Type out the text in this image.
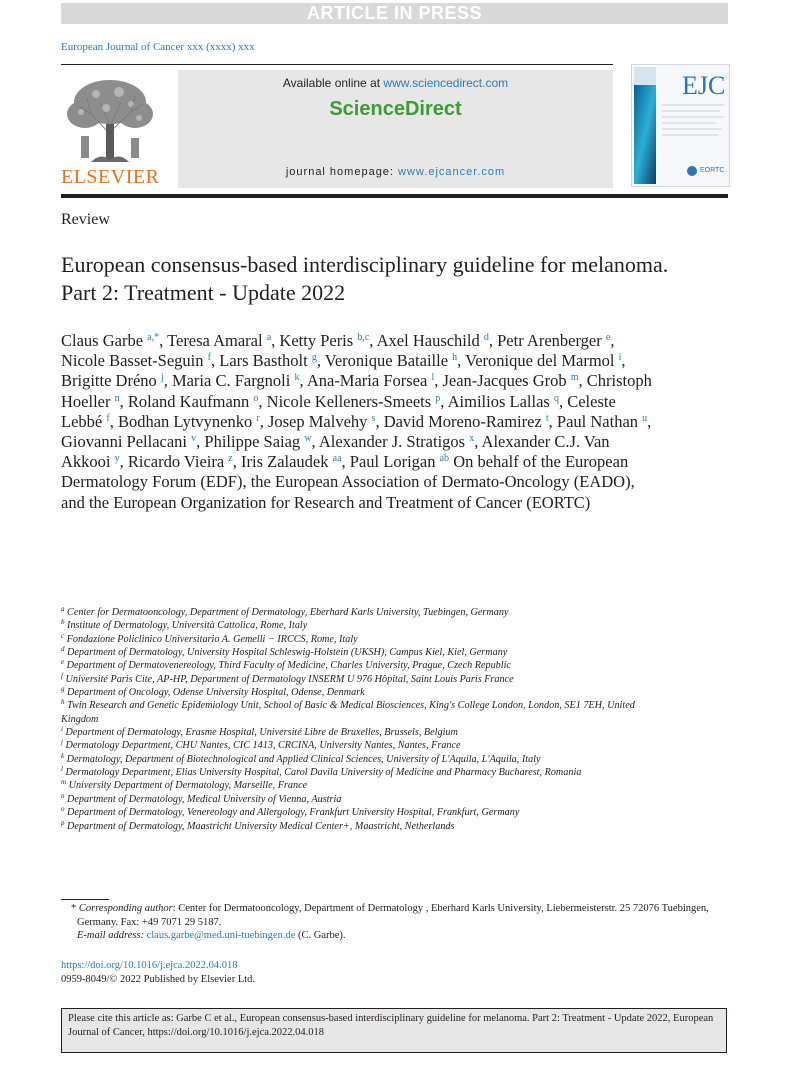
ARTICLE IN PRESS
European Journal of Cancer xxx (xxxx) xxx
ELSEVIER
Available online at www.sciencedirect.com
ScienceDirect
journal homepage: www.ejcancer.com
EJC
EORTC
Review
European consensus-based interdisciplinary guideline for melanoma. Part 2: Treatment - Update 2022
Claus Garbe $^{a,*}$, Teresa Amaral $^a$, Ketty Peris $^{b,c}$, Axel Hauschild $^d$, Petr Arenberger $^e$, Nicole Basset-Seguin $^f$, Lars Bastholt $^g$, Veronique Bataille $^h$, Veronique del Marmol $^i$, Brigitte Dréno $^j$, Maria C. Fargnoli $^k$, Ana-Maria Forsea $^l$, Jean-Jacques Grob $^m$, Christoph Hoeller $^n$, Roland Kaufmann $^o$, Nicole Kelleners-Smeets $^p$, Aimilios Lallas $^q$, Celeste Lebbé $^f$, Bodhan Lytvynenko $^r$, Josep Malvehy $^s$, David Moreno-Ramirez $^t$, Paul Nathan $^u$, Giovanni Pellacani $^v$, Philippe Saiag $^w$, Alexander J. Stratigos $^x$, Alexander C.J. Van Akkooi $^y$, Ricardo Vieira $^z$, Iris Zalaudek $^{aa}$, Paul Lorigan $^{ab}$ On behalf of the European Dermatology Forum (EDF), the European Association of Dermato-Oncology (EADO), and the European Organization for Research and Treatment of Cancer (EORTC)
$^a$ Center for Dermatooncology, Department of Dermatology, Eberhard Karls University, Tuebingen, Germany
$^b$ Institute of Dermatology, Università Cattolica, Rome, Italy
$^c$ Fondazione Policlinico Universitario A. Gemelli − IRCCS, Rome, Italy
$^d$ Department of Dermatology, University Hospital Schleswig-Holstein (UKSH), Campus Kiel, Kiel, Germany
$^e$ Department of Dermatovenereology, Third Faculty of Medicine, Charles University, Prague, Czech Republic
$^f$ Université Paris Cite, AP-HP, Department of Dermatology INSERM U 976 Hôpital, Saint Louis Paris France
$^g$ Department of Oncology, Odense University Hospital, Odense, Denmark
$^h$ Twin Research and Genetic Epidemiology Unit, School of Basic & Medical Biosciences, King's College London, London, SE1 7EH, United Kingdom
$^i$ Department of Dermatology, Erasme Hospital, Université Libre de Bruxelles, Brussels, Belgium
$^j$ Dermatology Department, CHU Nantes, CIC 1413, CRCINA, University Nantes, Nantes, France
$^k$ Dermatology, Department of Biotechnological and Applied Clinical Sciences, University of L'Aquila, L'Aquila, Italy
$^l$ Dermatology Department, Elias University Hospital, Carol Davila University of Medicine and Pharmacy Bucharest, Romania
$^m$ University Department of Dermatology, Marseille, France
$^n$ Department of Dermatology, Medical University of Vienna, Austria
$^o$ Department of Dermatology, Venereology and Allergology, Frankfurt University Hospital, Frankfurt, Germany
$^p$ Department of Dermatology, Maastricht University Medical Center+, Maastricht, Netherlands
* Corresponding author: Center for Dermatooncology, Department of Dermatology , Eberhard Karls University, Liebermeisterstr. 25 72076 Tuebingen, Germany. Fax: +49 7071 29 5187.
E-mail address: claus.garbe@med.uni-tuebingen.de (C. Garbe).
https://doi.org/10.1016/j.ejca.2022.04.018
0959-8049/© 2022 Published by Elsevier Ltd.
Please cite this article as: Garbe C et al., European consensus-based interdisciplinary guideline for melanoma. Part 2: Treatment - Update 2022, European Journal of Cancer, https://doi.org/10.1016/j.ejca.2022.04.018
